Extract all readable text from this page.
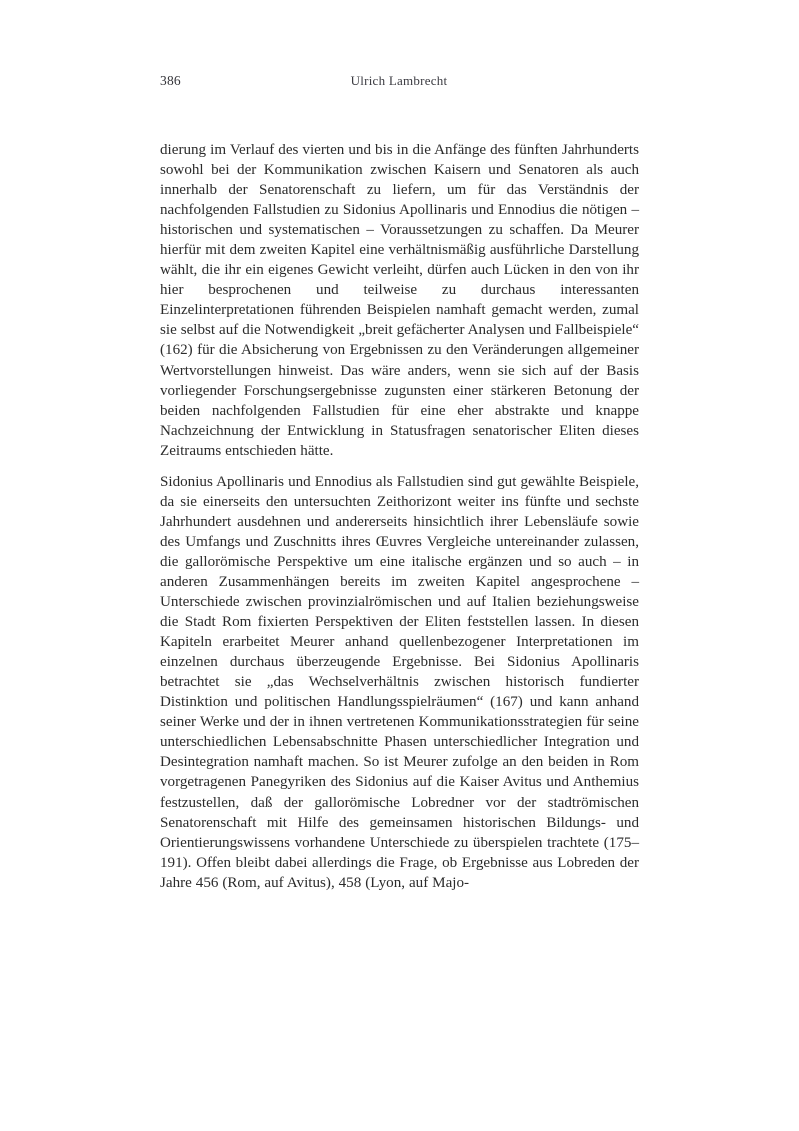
386	Ulrich Lambrecht

dierung im Verlauf des vierten und bis in die Anfänge des fünften Jahrhunderts sowohl bei der Kommunikation zwischen Kaisern und Senatoren als auch innerhalb der Senatorenschaft zu liefern, um für das Verständnis der nachfolgenden Fallstudien zu Sidonius Apollinaris und Ennodius die nötigen – historischen und systematischen – Voraussetzungen zu schaffen. Da Meurer hierfür mit dem zweiten Kapitel eine verhältnismäßig ausführliche Darstellung wählt, die ihr ein eigenes Gewicht verleiht, dürfen auch Lücken in den von ihr hier besprochenen und teilweise zu durchaus interessanten Einzelinterpretationen führenden Beispielen namhaft gemacht werden, zumal sie selbst auf die Notwendigkeit „breit gefächerter Analysen und Fallbeispiele“ (162) für die Absicherung von Ergebnissen zu den Veränderungen allgemeiner Wertvorstellungen hinweist. Das wäre anders, wenn sie sich auf der Basis vorliegender Forschungsergebnisse zugunsten einer stärkeren Betonung der beiden nachfolgenden Fallstudien für eine eher abstrakte und knappe Nachzeichnung der Entwicklung in Statusfragen senatorischer Eliten dieses Zeitraums entschieden hätte.

Sidonius Apollinaris und Ennodius als Fallstudien sind gut gewählte Beispiele, da sie einerseits den untersuchten Zeithorizont weiter ins fünfte und sechste Jahrhundert ausdehnen und andererseits hinsichtlich ihrer Lebensläufe sowie des Umfangs und Zuschnitts ihres Œuvres Vergleiche untereinander zulassen, die gallorömische Perspektive um eine italische ergänzen und so auch – in anderen Zusammenhängen bereits im zweiten Kapitel angesprochene – Unterschiede zwischen provinzialrömischen und auf Italien beziehungsweise die Stadt Rom fixierten Perspektiven der Eliten feststellen lassen. In diesen Kapiteln erarbeitet Meurer anhand quellenbezogener Interpretationen im einzelnen durchaus überzeugende Ergebnisse. Bei Sidonius Apollinaris betrachtet sie „das Wechselverhältnis zwischen historisch fundierter Distinktion und politischen Handlungsspielräumen“ (167) und kann anhand seiner Werke und der in ihnen vertretenen Kommunikationsstrategien für seine unterschiedlichen Lebensabschnitte Phasen unterschiedlicher Integration und Desintegration namhaft machen. So ist Meurer zufolge an den beiden in Rom vorgetragenen Panegyriken des Sidonius auf die Kaiser Avitus und Anthemius festzustellen, daß der gallorömische Lobredner vor der stadtrömischen Senatorenschaft mit Hilfe des gemeinsamen historischen Bildungs- und Orientierungswissens vorhandene Unterschiede zu überspielen trachtete (175–191). Offen bleibt dabei allerdings die Frage, ob Ergebnisse aus Lobreden der Jahre 456 (Rom, auf Avitus), 458 (Lyon, auf Majo-
